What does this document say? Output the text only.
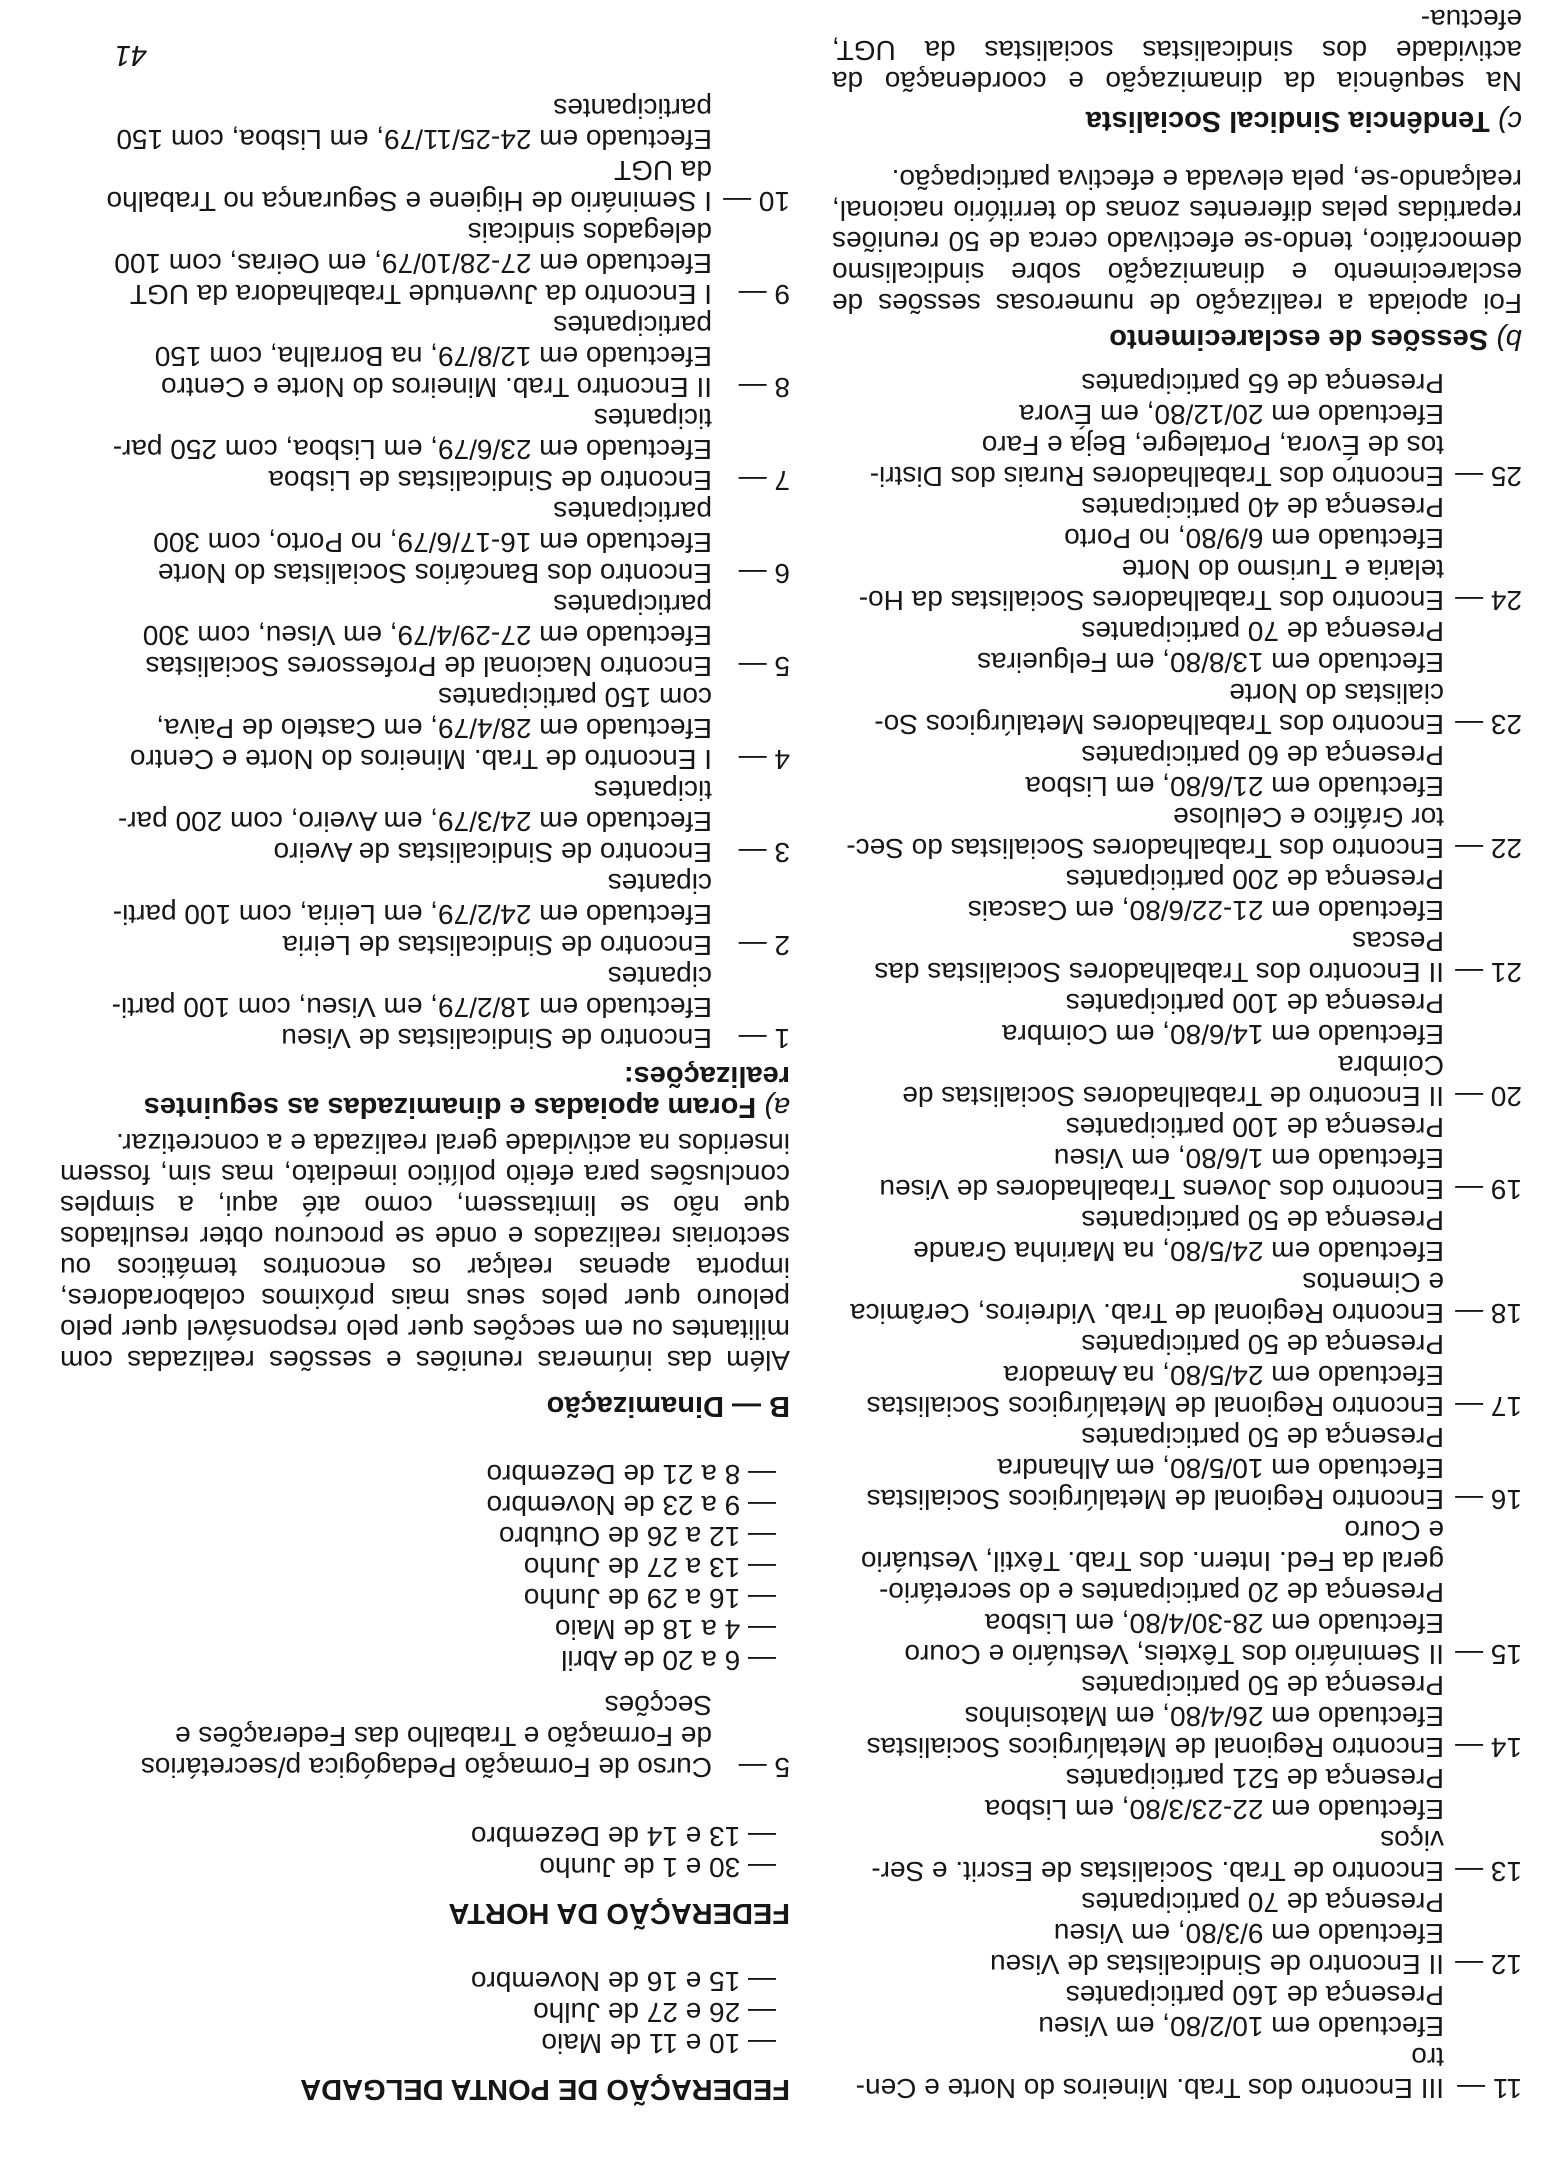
41

FEDERAÇÃO DE PONTA DELGADA
— 10 e 11 de Maio
— 26 e 27 de Julho
— 15 e 16 de Novembro
FEDERAÇÃO DA HORTA
— 30 e 1 de Junho
— 13 e 14 de Dezembro
5 —
Curso de Formação Pedagógica p/secretários
de Formação e Trabalho das Federações e
Secções
— 6 a 20 de Abril
— 4 a 18 de Maio
— 16 a 29 de Junho
— 13 a 27 de Junho
— 12 a 26 de Outubro
— 9 a 23 de Novembro
— 8 a 21 de Dezembro
B — Dinamização

Além das inúmeras reuniões e sessões realizadas com militantes ou em secções quer pelo responsável quer pelo pelouro quer pelos seus mais próximos colaboradores, importa apenas realçar os encontros temáticos ou sectoriais realizados e onde se procurou obter resultados que não se limitassem, como até aqui, a simples conclusões para efeito político imediato, mas sim, fossem inseridos na actividade geral realizada e a concretizar.

a) Foram apoiadas e dinamizadas as seguintes realizações:
1 —
Encontro de Sindicalistas de Viseu
Efectuado em 18/2/79, em Viseu, com 100 parti-
cipantes
2 —
Encontro de Sindicalistas de Leiria
Efectuado em 24/2/79, em Leiria, com 100 parti-
cipantes
3 —
Encontro de Sindicalistas de Aveiro
Efectuado em 24/3/79, em Aveiro, com 200 par-
ticipantes
4 —
I Encontro de Trab. Mineiros do Norte e Centro
Efectuado em 28/4/79, em Castelo de Paiva,
com 150 participantes
5 —
Encontro Nacional de Professores Socialistas
Efectuado em 27-29/4/79, em Viseu, com 300
participantes
6 —
Encontro dos Bancários Socialistas do Norte
Efectuado em 16-17/6/79, no Porto, com 300
participantes
7 —
Encontro de Sindicalistas de Lisboa
Efectuado em 23/6/79, em Lisboa, com 250 par-
ticipantes
8 —
II Encontro Trab. Mineiros do Norte e Centro
Efectuado em 12/8/79, na Borralha, com 150
participantes
9 —
I Encontro da Juventude Trabalhadora da UGT
Efectuado em 27-28/10/79, em Oeiras, com 100
delegados sindicais
10 —
I Seminário de Higiene e Segurança no Trabalho
da UGT
Efectuado em 24-25/11/79, em Lisboa, com 150
participantes
11 —
III Encontro dos Trab. Mineiros do Norte e Cen-
tro
Efectuado em 10/2/80, em Viseu
Presença de 160 participantes
12 —
II Encontro de Sindicalistas de Viseu
Efectuado em 9/3/80, em Viseu
Presença de 70 participantes
13 —
Encontro de Trab. Socialistas de Escrit. e Ser-
viços
Efectuado em 22-23/3/80, em Lisboa
Presença de 521 participantes
14 —
Encontro Regional de Metalúrgicos Socialistas
Efectuado em 26/4/80, em Matosinhos
Presença de 50 participantes
15 —
II Seminário dos Têxteis, Vestuário e Couro
Efectuado em 28-30/4/80, em Lisboa
Presença de 20 participantes e do secretário-
geral da Fed. Intern. dos Trab. Têxtil, Vestuário
e Couro
16 —
Encontro Regional de Metalúrgicos Socialistas
Efectuado em 10/5/80, em Alhandra
Presença de 50 participantes
17 —
Encontro Regional de Metalúrgicos Socialistas
Efectuado em 24/5/80, na Amadora
Presença de 50 participantes
18 —
Encontro Regional de Trab. Vidreiros, Cerâmica
e Cimentos
Efectuado em 24/5/80, na Marinha Grande
Presença de 50 participantes
19 —
Encontro dos Jovens Trabalhadores de Viseu
Efectuado em 1/6/80, em Viseu
Presença de 100 participantes
20 —
II Encontro de Trabalhadores Socialistas de
Coimbra
Efectuado em 14/6/80, em Coimbra
Presença de 100 participantes
21 —
II Encontro dos Trabalhadores Socialistas das
Pescas
Efectuado em 21-22/6/80, em Cascais
Presença de 200 participantes
22 —
Encontro dos Trabalhadores Socialistas do Sec-
tor Gráfico e Celulose
Efectuado em 21/6/80, em Lisboa
Presença de 60 participantes
23 —
Encontro dos Trabalhadores Metalúrgicos So-
cialistas do Norte
Efectuado em 13/8/80, em Felgueiras
Presença de 70 participantes
24 —
Encontro dos Trabalhadores Socialistas da Ho-
telaria e Turismo do Norte
Efectuado em 6/9/80, no Porto
Presença de 40 participantes
25 —
Encontro dos Trabalhadores Rurais dos Distri-
tos de Évora, Portalegre, Beja e Faro
Efectuado em 20/12/80, em Évora
Presença de 65 participantes
b) Sessões de esclarecimento

Foi apoiada a realização de numerosas sessões de esclarecimento e dinamização sobre sindicalismo democrático, tendo-se efectivado cerca de 50 reuniões repartidas pelas diferentes zonas do território nacional, realçando-se, pela elevada e efectiva participação.

c) Tendência Sindical Socialista

Na sequência da dinamização e coordenação da actividade dos sindicalistas socialistas da UGT, efectua-
